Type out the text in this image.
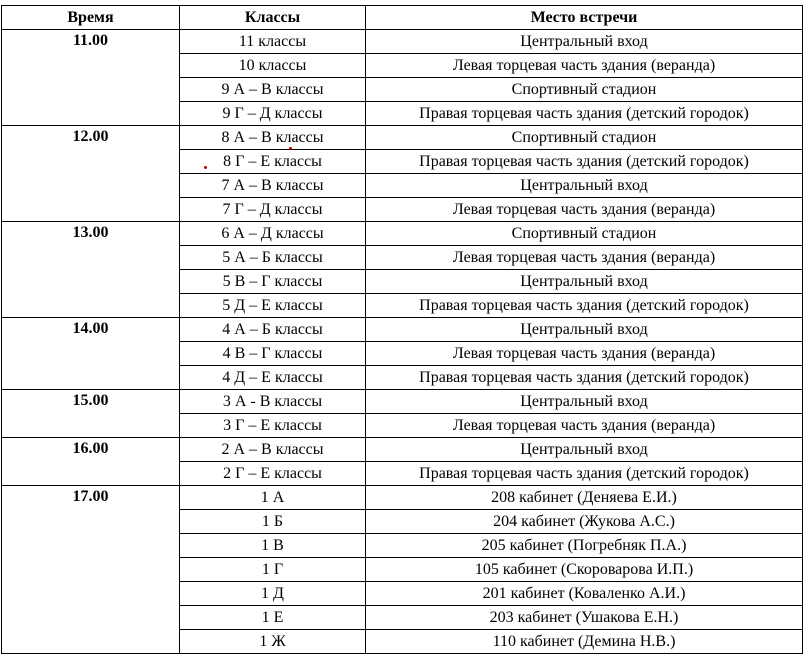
Время	Классы	Место встречи
11.00	11 классы	Центральный вход
	10 классы	Левая торцевая часть здания (веранда)
	9 А – В классы	Спортивный стадион
	9 Г – Д классы	Правая торцевая часть здания (детский городок)
12.00	8 А – В классы	Спортивный стадион
	8 Г – Е классы	Правая торцевая часть здания (детский городок)
	7 А – В классы	Центральный вход
	7 Г – Д классы	Левая торцевая часть здания (веранда)
13.00	6 А – Д классы	Спортивный стадион
	5 А – Б классы	Левая торцевая часть здания (веранда)
	5 В – Г классы	Центральный вход
	5 Д – Е классы	Правая торцевая часть здания (детский городок)
14.00	4 А – Б классы	Центральный вход
	4 В – Г классы	Левая торцевая часть здания (веранда)
	4 Д – Е классы	Правая торцевая часть здания (детский городок)
15.00	3 А - В классы	Центральный вход
	3 Г – Е классы	Левая торцевая часть здания (веранда)
16.00	2 А – В классы	Центральный вход
	2 Г – Е классы	Правая торцевая часть здания (детский городок)
17.00	1 А	208 кабинет (Деняева Е.И.)
	1 Б	204 кабинет (Жукова А.С.)
	1 В	205 кабинет (Погребняк П.А.)
	1 Г	105 кабинет (Скороварова И.П.)
	1 Д	201 кабинет (Коваленко А.И.)
	1 Е	203 кабинет (Ушакова Е.Н.)
	1 Ж	110 кабинет (Демина Н.В.)
